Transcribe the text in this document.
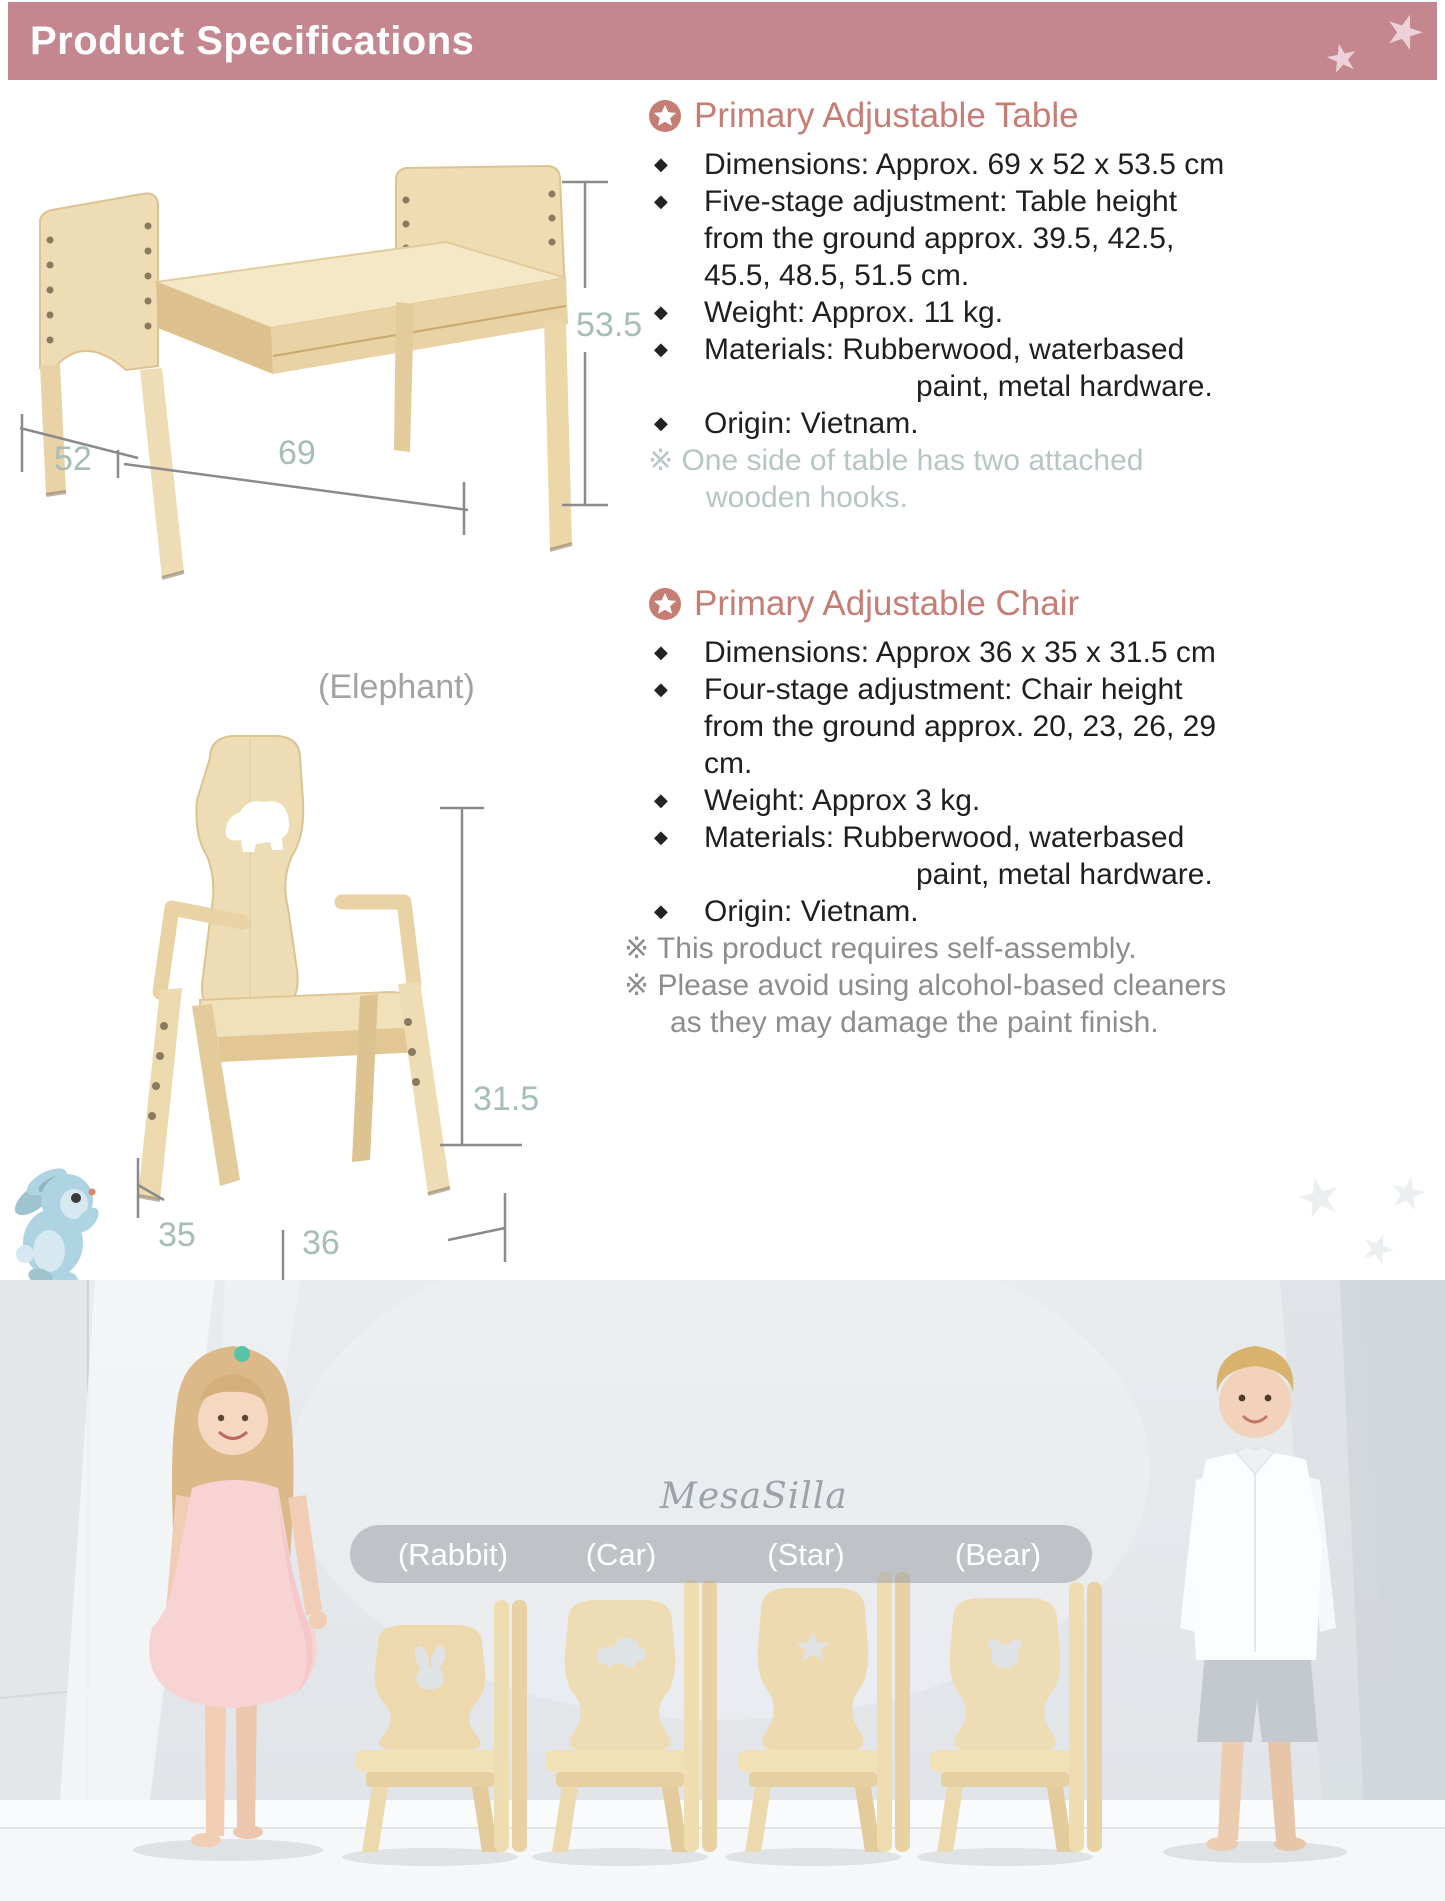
Product Specifications	★
★
★ ★
★
53.5
52	69
Primary Adjustable Table
◆	Dimensions: Approx. 69 x 52 x 53.5 cm
◆	Five-stage adjustment: Table height
from the ground approx. 39.5, 42.5,
45.5, 48.5, 51.5 cm.
◆	Weight: Approx. 11 kg.
◆	Materials: Rubberwood, waterbased
paint, metal hardware.
◆	Origin: Vietnam.
※ One side of table has two attached
wooden hooks.
(Elephant)
31.5
35	36
Primary Adjustable Chair
◆	Dimensions: Approx 36 x 35 x 31.5 cm
◆	Four-stage adjustment: Chair height
from the ground approx. 20, 23, 26, 29
cm.
◆	Weight: Approx 3 kg.
◆	Materials: Rubberwood, waterbased
paint, metal hardware.
◆	Origin: Vietnam.
※ This product requires self-assembly.
※ Please avoid using alcohol-based cleaners
as they may damage the paint finish.
MesaSilla
(Rabbit)	(Car)	(Star)	(Bear)
